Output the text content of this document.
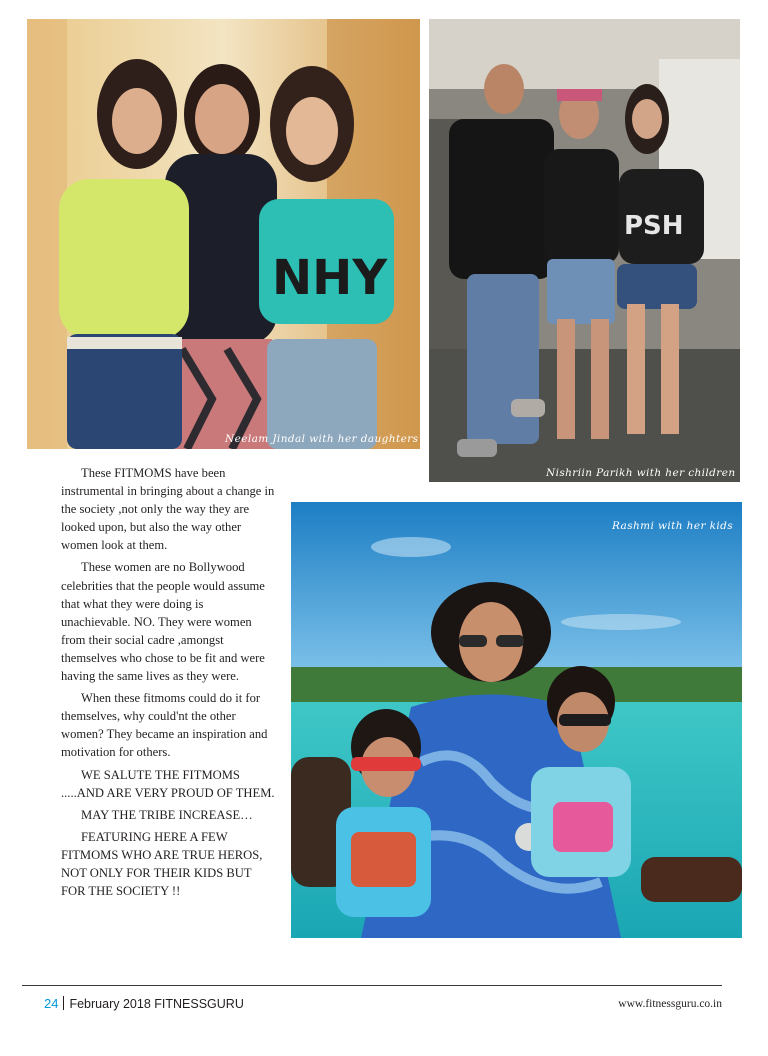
NHY
Neelam Jindal with her daughters
PSH
Nishriin Parikh with her children
Rashmi with her kids

These FITMOMS have been instrumental in bringing about a change in the society ,not only the way they are looked upon, but also the way other women look at them.

These women are no Bollywood celebrities that the people would assume that what they were doing is unachievable. NO. They were women from their social cadre ,amongst themselves who chose to be fit and were having the same lives as they were.

When these fitmoms could do it for themselves, why could'nt the other women? They became an inspiration and motivation for others.

WE SALUTE THE FITMOMS .....AND ARE VERY PROUD OF THEM.

MAY THE TRIBE INCREASE…

FEATURING HERE A FEW FITMOMS WHO ARE TRUE HEROS, NOT ONLY FOR THEIR KIDS BUT FOR THE SOCIETY !!

24 February 2018 FITNESSGURU	www.fitnessguru.co.in
